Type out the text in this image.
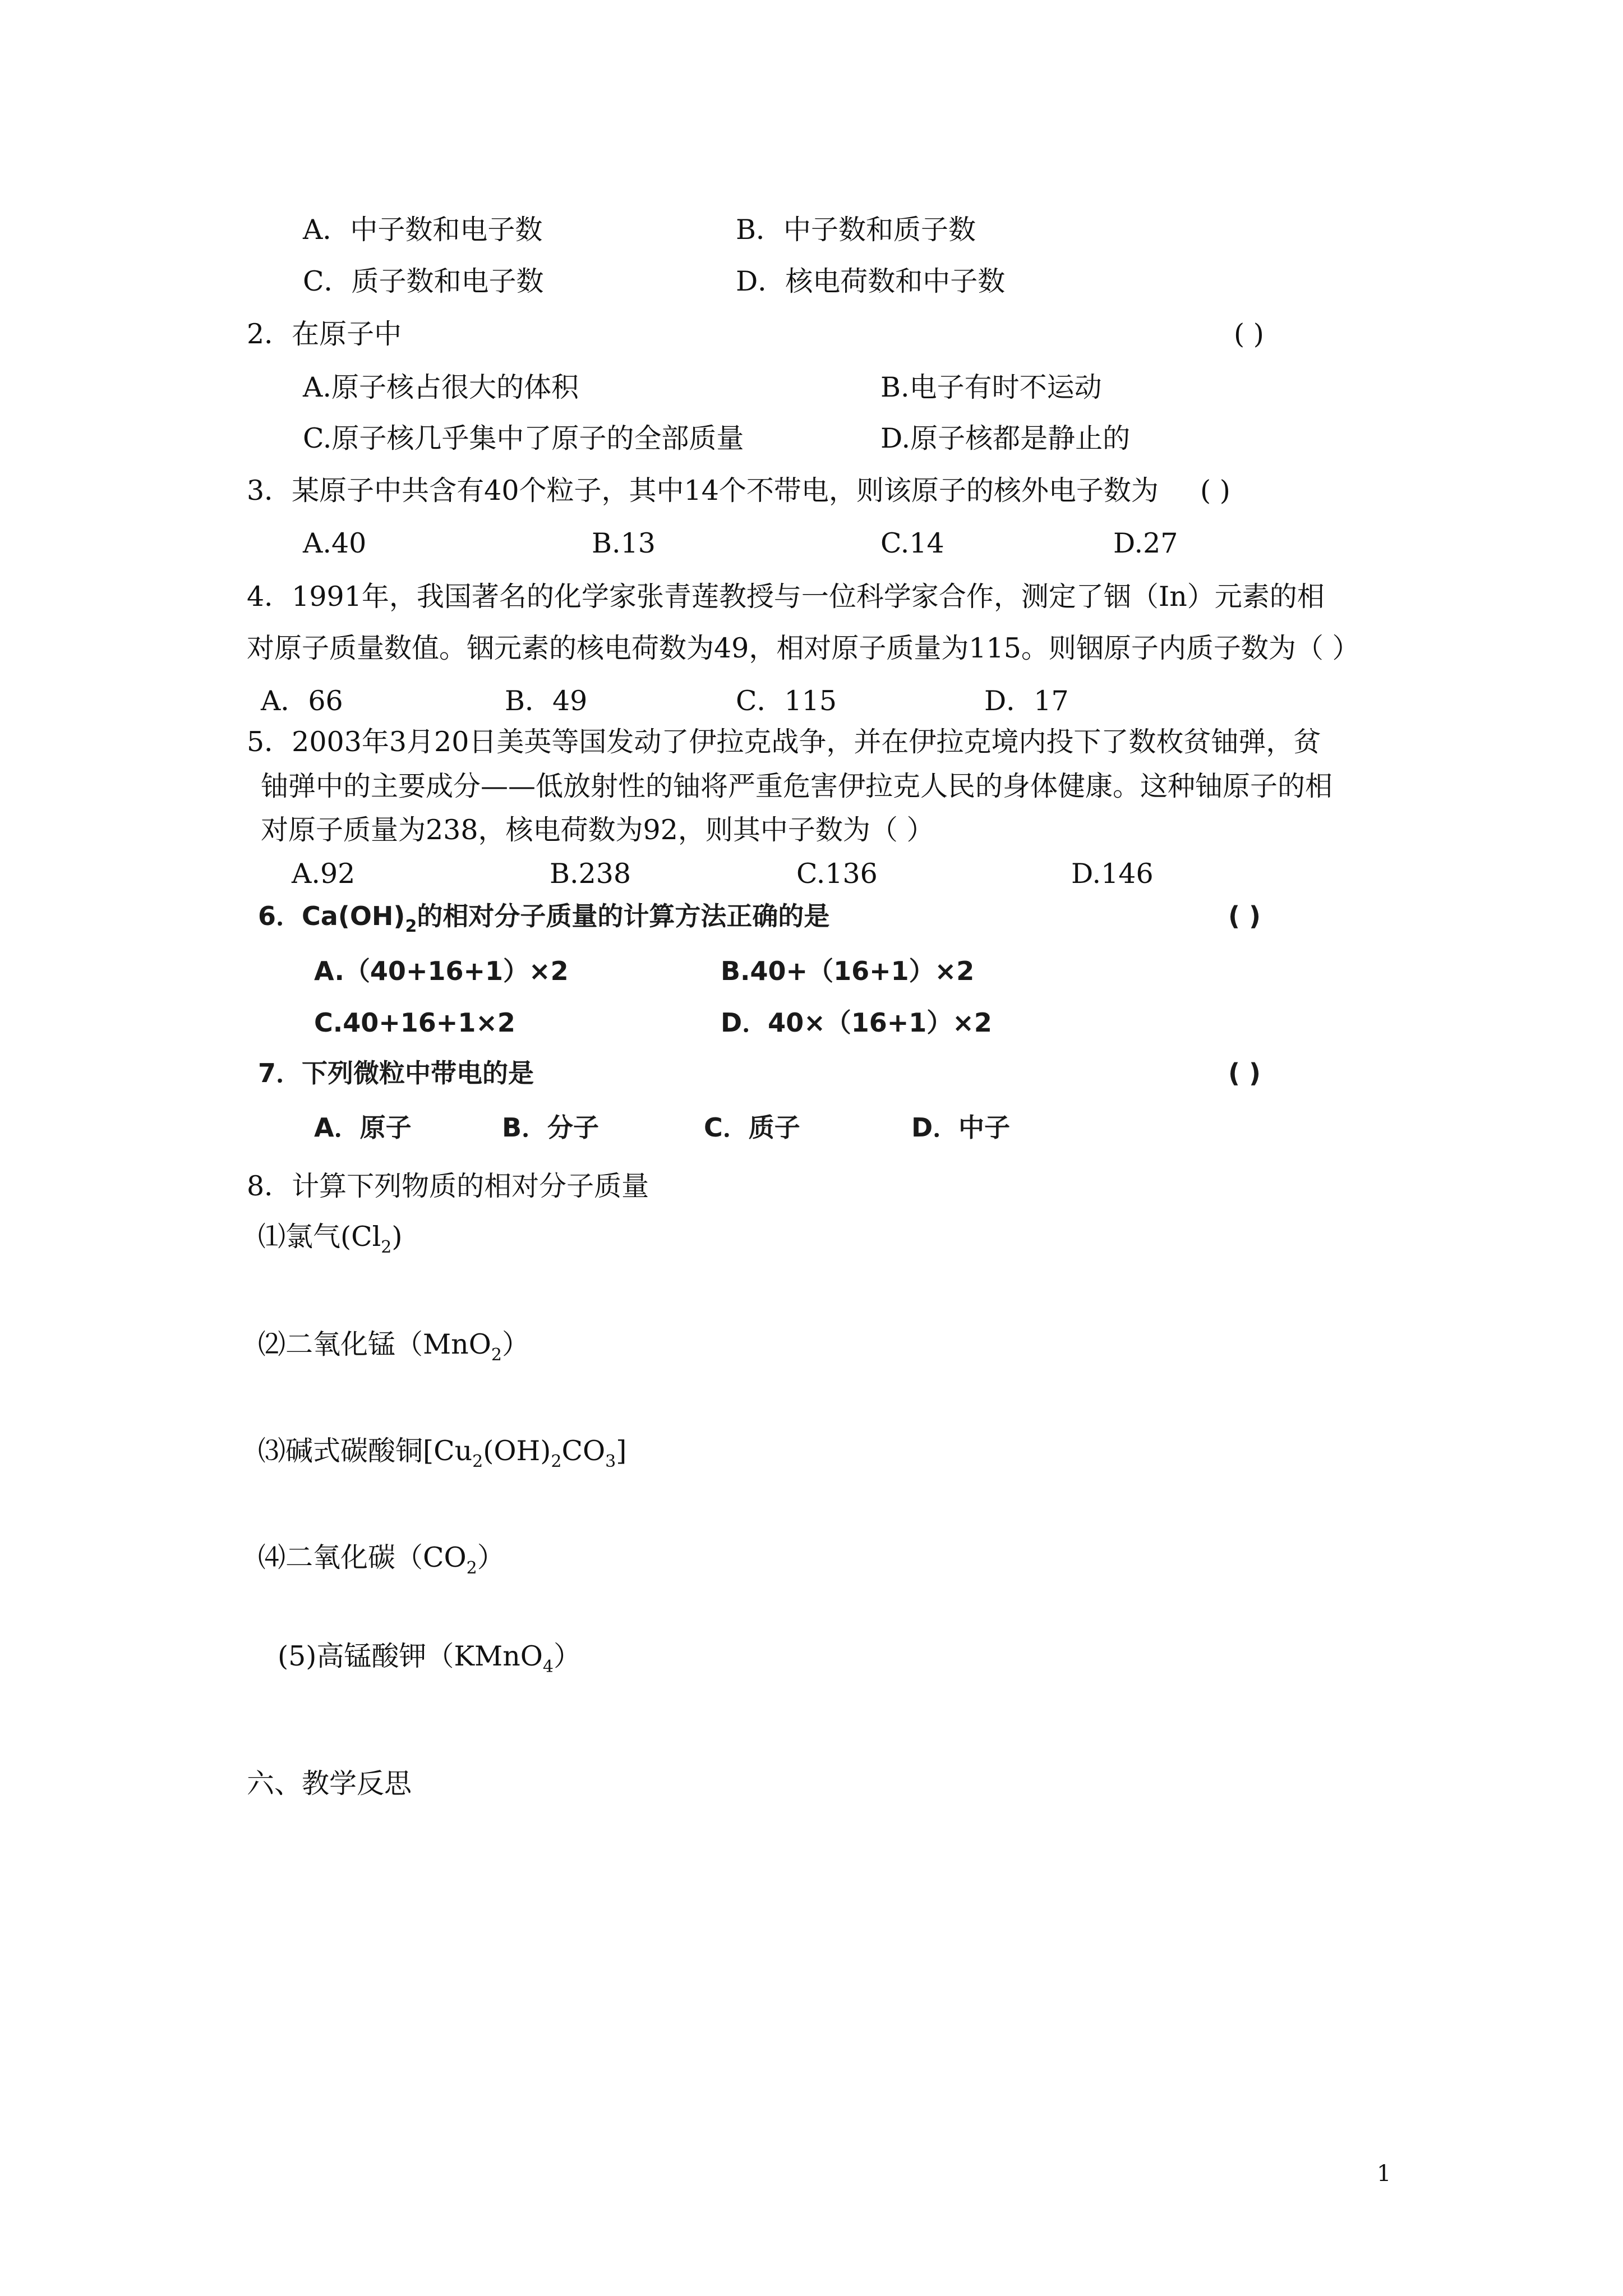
A．中子数和电子数	B．中子数和质子数
C．质子数和电子数	D．核电荷数和中子数
2．在原子中	( )
A.原子核占很大的体积	B.电子有时不运动
C.原子核几乎集中了原子的全部质量	D.原子核都是静止的
3．某原子中共含有40个粒子，其中14个不带电，则该原子的核外电子数为 ( )
A.40	B.13	C.14	D.27
4．1991年，我国著名的化学家张青莲教授与一位科学家合作，测定了铟（In）元素的相
对原子质量数值。铟元素的核电荷数为49，相对原子质量为115。则铟原子内质子数为（ ）
A．66	B．49	C．115	D．17
5．2003年3月20日美英等国发动了伊拉克战争，并在伊拉克境内投下了数枚贫铀弹，贫
铀弹中的主要成分——低放射性的铀将严重危害伊拉克人民的身体健康。这种铀原子的相
对原子质量为238，核电荷数为92，则其中子数为（ ）
A.92	B.238	C.136	D.146
6．$Ca(OH)_2$的相对分子质量的计算方法正确的是	( )
A.（40+16+1）×2	B.40+（16+1）×2
C.40+16+1×2	D．40×（16+1）×2
7．下列微粒中带电的是	( )
A．原子	B．分子	C．质子	D．中子
8．计算下列物质的相对分子质量
⑴氯气$(Cl_2)$
⑵二氧化锰（MnO$_2$）
⑶碱式碳酸铜$[Cu_2(OH)_2CO_3]$
⑷二氧化碳$(CO_2)$
(5)高锰酸钾（KMnO$_4$）
六、教学反思
1
